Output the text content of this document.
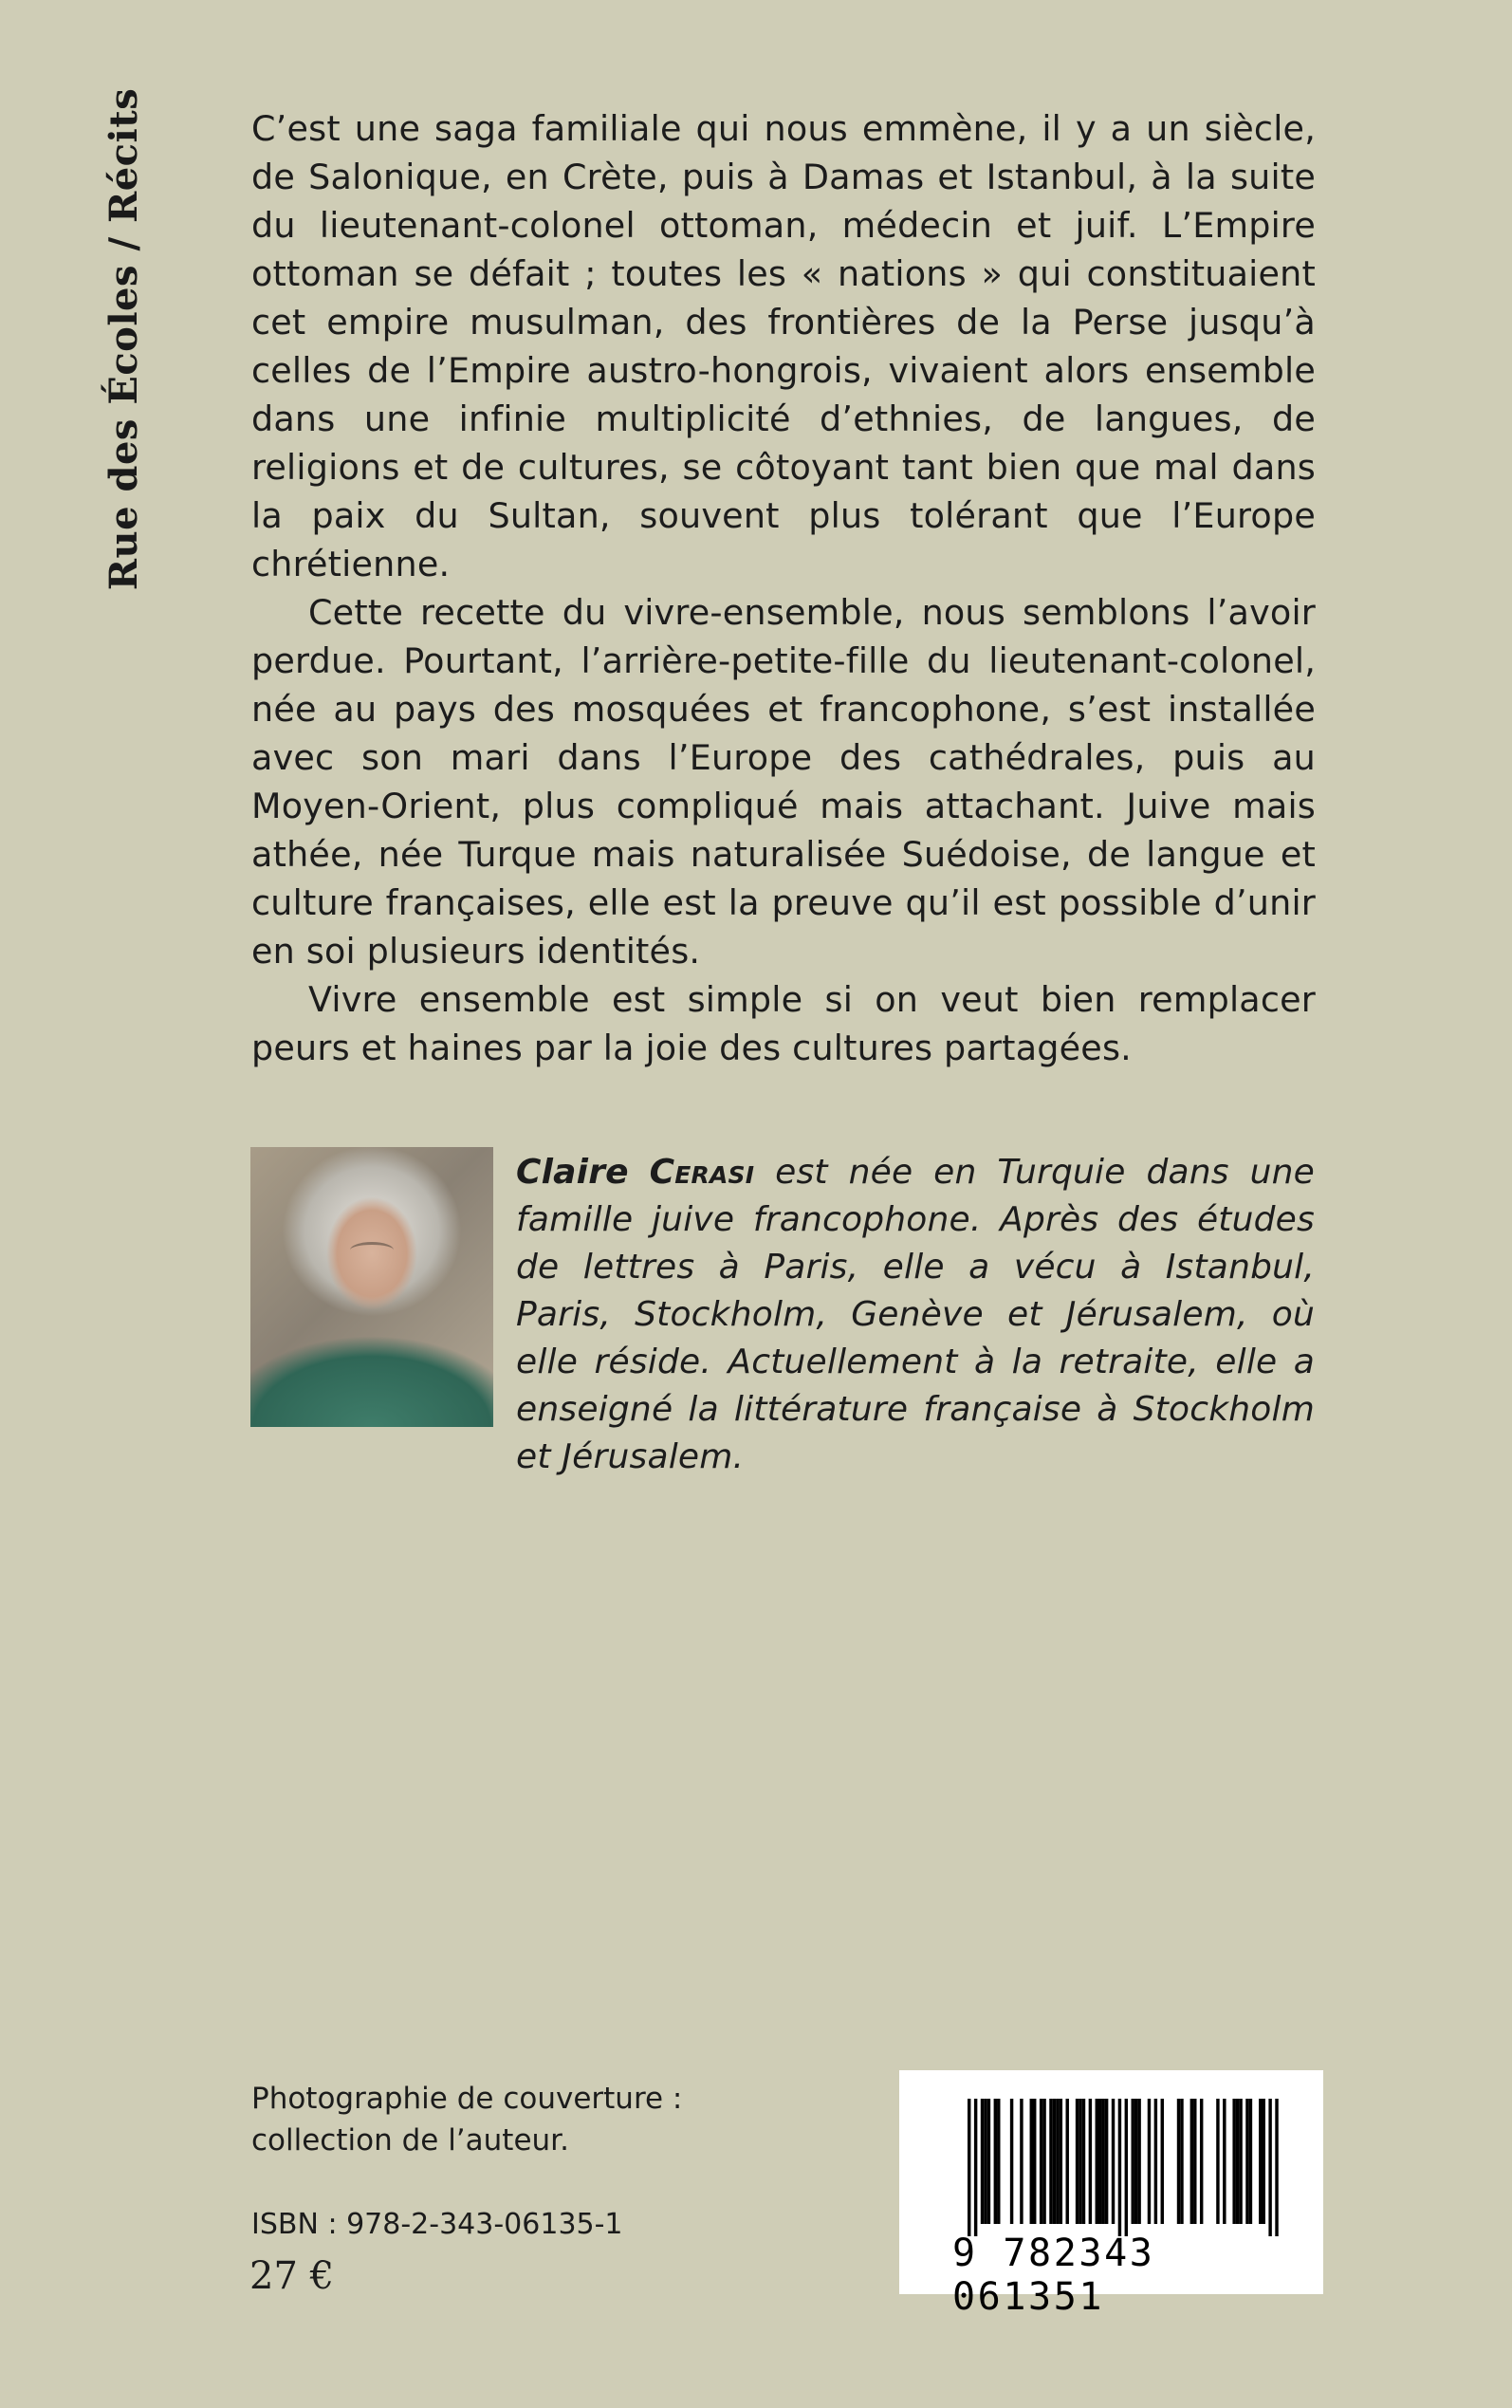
Rue des Écoles / Récits	C’est une saga familiale qui nous emmène, il y a un siècle, de Salonique, en Crète, puis à Damas et Istanbul, à la suite du lieutenant-colonel ottoman, médecin et juif. L’Empire ottoman se défait ; toutes les « nations » qui constituaient cet empire musulman, des frontières de la Perse jusqu’à celles de l’Empire austro-hongrois, vivaient alors ensemble dans une infinie multiplicité d’ethnies, de langues, de religions et de cultures, se côtoyant tant bien que mal dans la paix du Sultan, souvent plus tolérant que l’Europe chrétienne.

Cette recette du vivre-ensemble, nous semblons l’avoir perdue. Pourtant, l’arrière-petite-fille du lieutenant-colonel, née au pays des mosquées et francophone, s’est installée avec son mari dans l’Europe des cathédrales, puis au Moyen-Orient, plus compliqué mais attachant. Juive mais athée, née Turque mais naturalisée Suédoise, de langue et culture françaises, elle est la preuve qu’il est possible d’unir en soi plusieurs identités.

Vivre ensemble est simple si on veut bien remplacer peurs et haines par la joie des cultures partagées.

Claire Cerasi est née en Turquie dans une famille juive francophone. Après des études de lettres à Paris, elle a vécu à Istanbul, Paris, Stockholm, Genève et Jérusalem, où elle réside. Actuellement à la retraite, elle a enseigné la littérature française à Stockholm et Jérusalem.
Photographie de couverture :
collection de l’auteur.
ISBN : 978-2-343-06135-1
27 €
9 782343 061351
